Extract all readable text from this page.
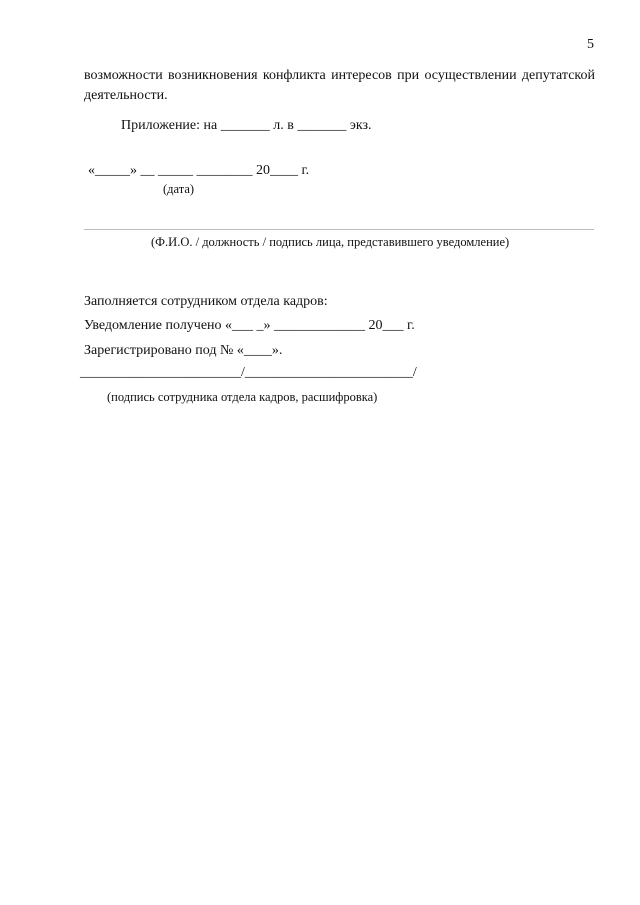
5
возможности возникновения конфликта интересов при осуществлении депутатской
деятельности.
Приложение: на _______ л. в _______ экз.
«_____» __ _____ ________ 20____ г.
(дата)
(Ф.И.О. / должность / подпись лица, представившего уведомление)
Заполняется сотрудником отдела кадров:
Уведомление получено «___ _» _____________ 20___ г.
Зарегистрировано под № «____».
_______________________/________________________/
(подпись сотрудника отдела кадров, расшифровка)
